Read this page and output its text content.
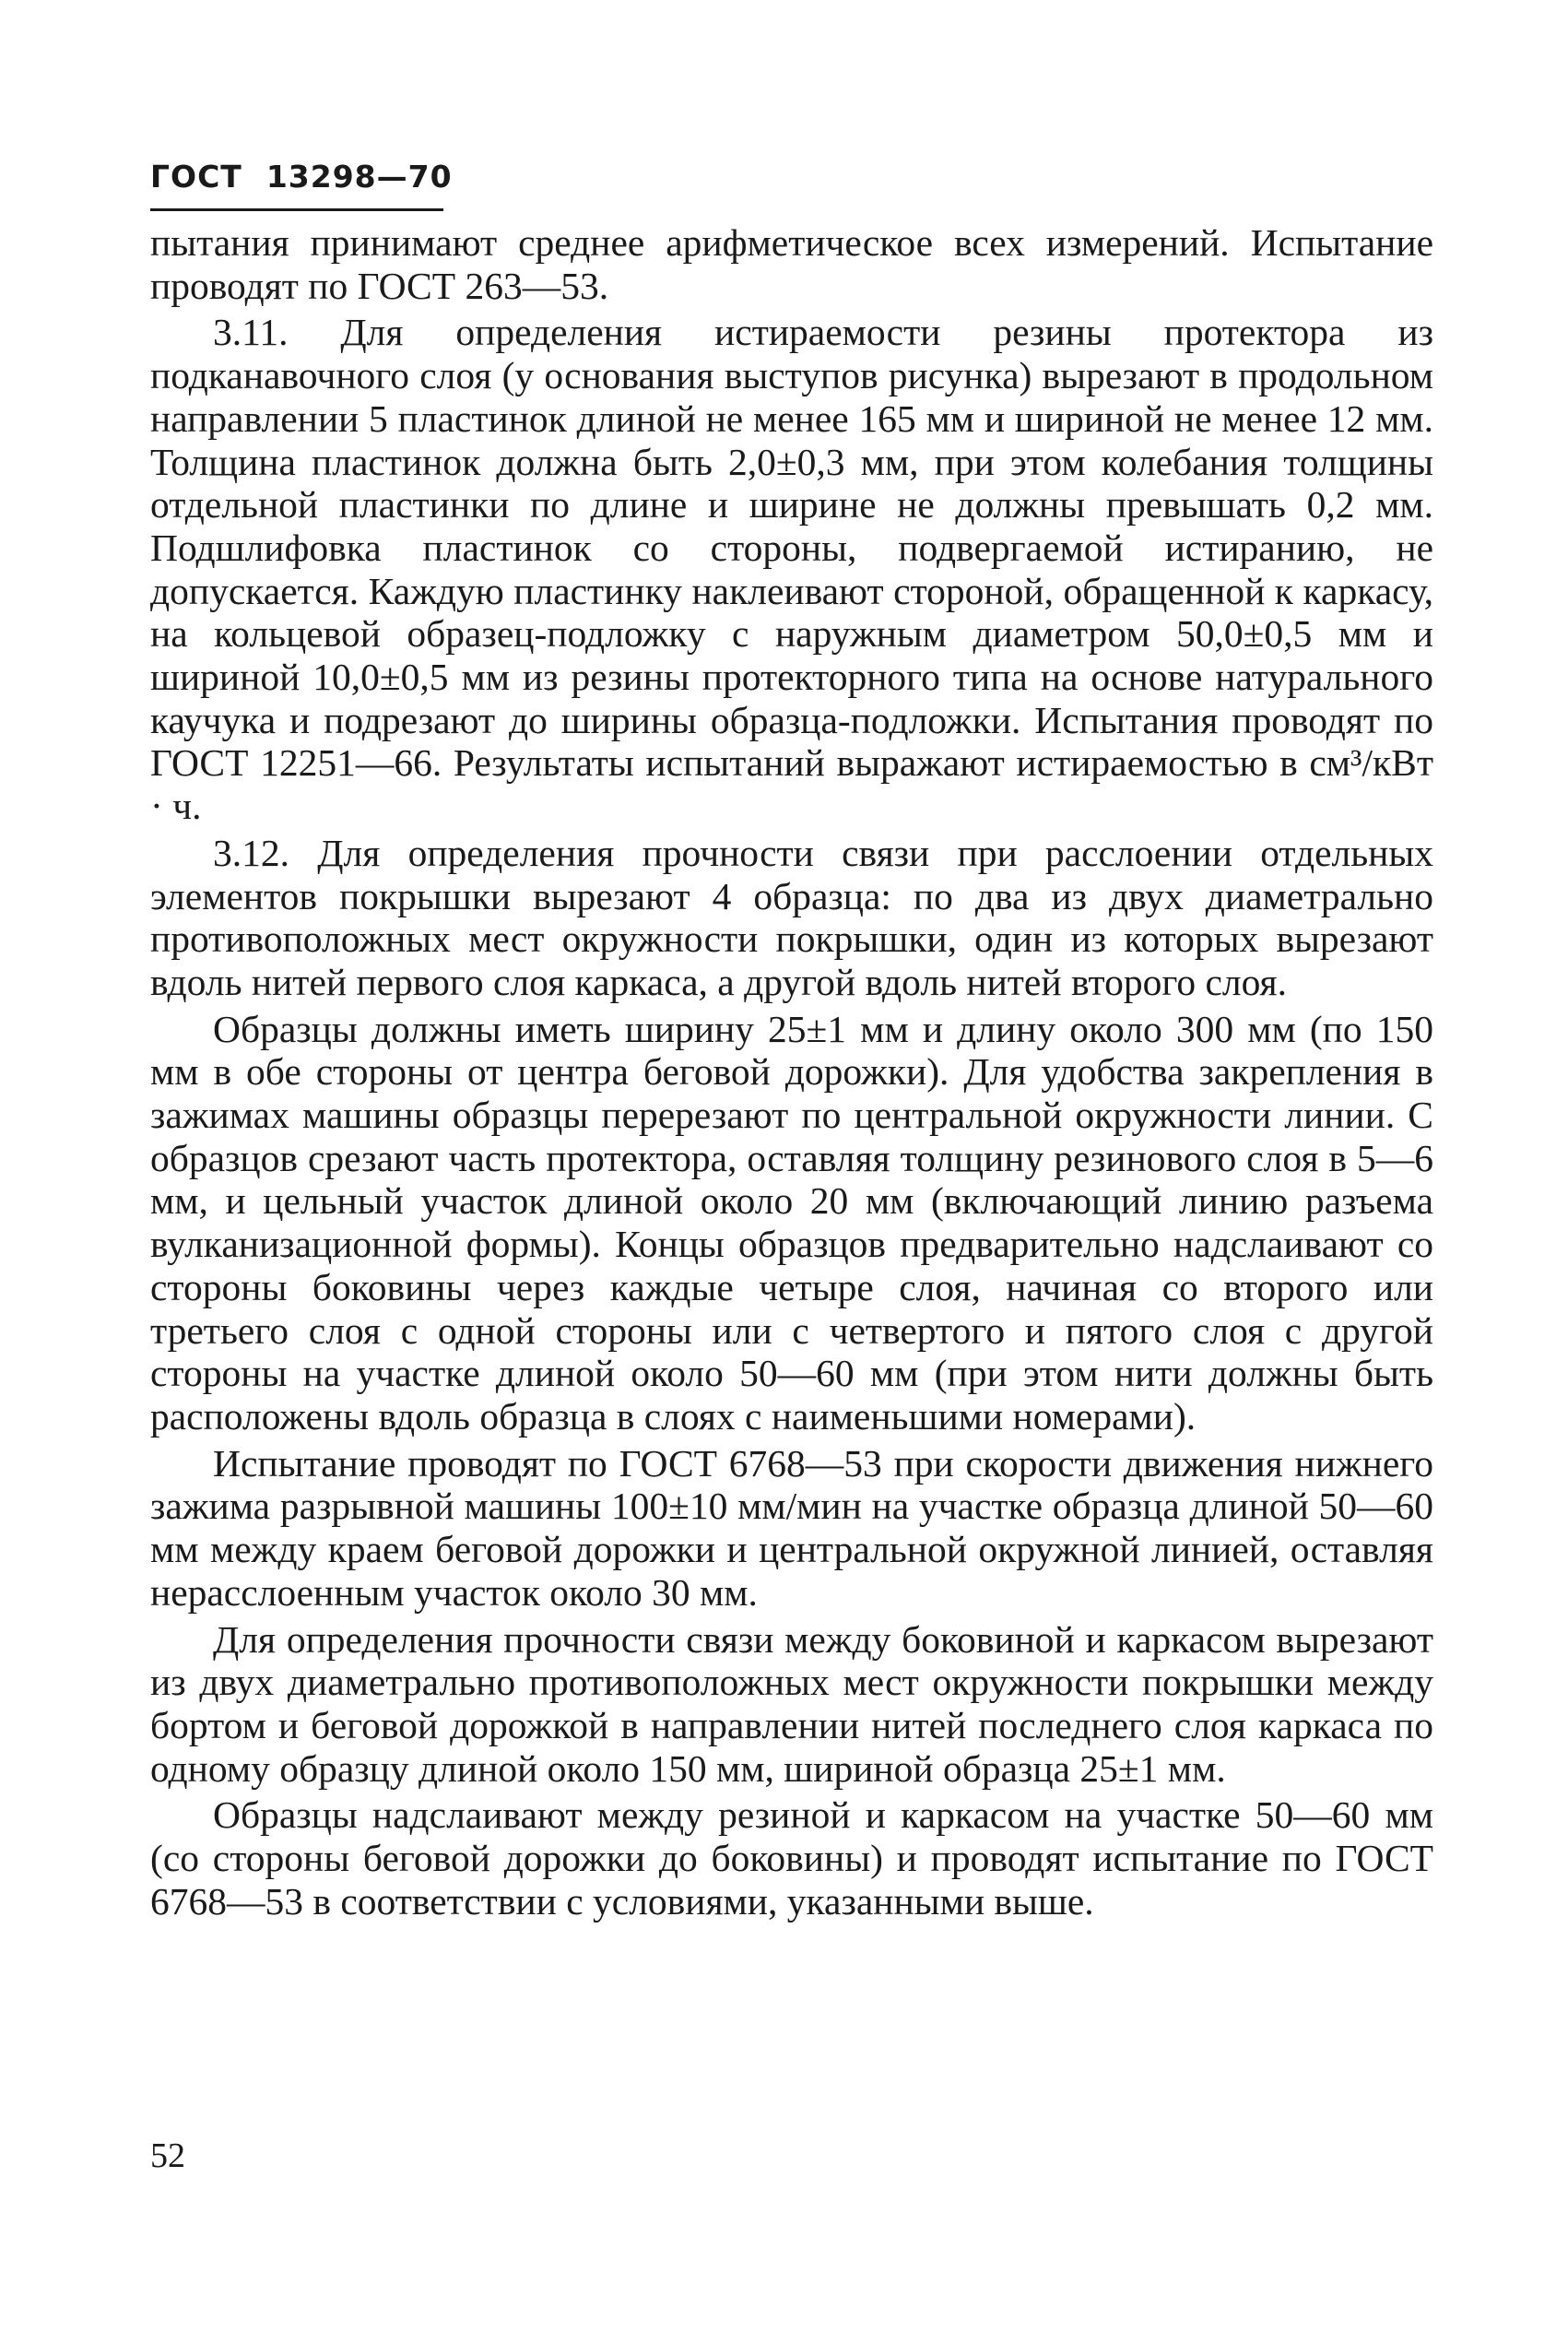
ГОСТ 13298—70

пытания принимают среднее арифметическое всех измерений. Испытание проводят по ГОСТ 263—53.

3.11. Для определения истираемости резины протектора из подканавочного слоя (у основания выступов рисунка) вырезают в продольном направлении 5 пластинок длиной не менее 165 мм и шириной не менее 12 мм. Толщина пластинок должна быть 2,0±0,3 мм, при этом колебания толщины отдельной пластинки по длине и ширине не должны превышать 0,2 мм. Подшлифовка пластинок со стороны, подвергаемой истиранию, не допускается. Каждую пластинку наклеивают стороной, обращенной к каркасу, на кольцевой образец-подложку с наружным диаметром 50,0±0,5 мм и шириной 10,0±0,5 мм из резины протекторного типа на основе натурального каучука и подрезают до ширины образца-подложки. Испытания проводят по ГОСТ 12251—66. Результаты испытаний выражают истираемостью в см³/кВт · ч.

3.12. Для определения прочности связи при расслоении отдельных элементов покрышки вырезают 4 образца: по два из двух диаметрально противоположных мест окружности покрышки, один из которых вырезают вдоль нитей первого слоя каркаса, а другой вдоль нитей второго слоя.

Образцы должны иметь ширину 25±1 мм и длину около 300 мм (по 150 мм в обе стороны от центра беговой дорожки). Для удобства закрепления в зажимах машины образцы перерезают по центральной окружности линии. С образцов срезают часть протектора, оставляя толщину резинового слоя в 5—6 мм, и цельный участок длиной около 20 мм (включающий линию разъема вулканизационной формы). Концы образцов предварительно надслаивают со стороны боковины через каждые четыре слоя, начиная со второго или третьего слоя с одной стороны или с четвертого и пятого слоя с другой стороны на участке длиной около 50—60 мм (при этом нити должны быть расположены вдоль образца в слоях с наименьшими номерами).

Испытание проводят по ГОСТ 6768—53 при скорости движения нижнего зажима разрывной машины 100±10 мм/мин на участке образца длиной 50—60 мм между краем беговой дорожки и центральной окружной линией, оставляя нерасслоенным участок около 30 мм.

Для определения прочности связи между боковиной и каркасом вырезают из двух диаметрально противоположных мест окружности покрышки между бортом и беговой дорожкой в направлении нитей последнего слоя каркаса по одному образцу длиной около 150 мм, шириной образца 25±1 мм.

Образцы надслаивают между резиной и каркасом на участке 50—60 мм (со стороны беговой дорожки до боковины) и проводят испытание по ГОСТ 6768—53 в соответствии с условиями, указанными выше.

52
